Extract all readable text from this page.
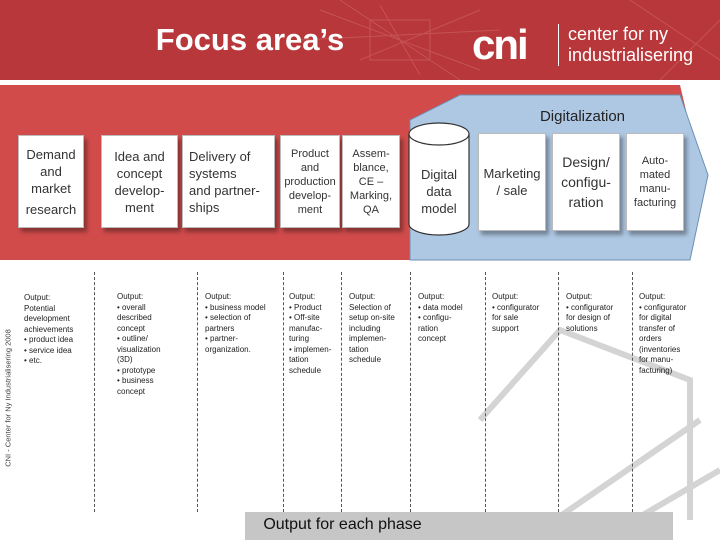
Focus area’s	cni center for ny
industrialisering
Digitalization
Demand
and
market
research
Idea and
concept
develop-
ment
Delivery of
systems
and partner-
ships
Product
and
production
develop-
ment
Assem-
blance,
CE –
Marking,
QA
Digital
data
model
Marketing
/ sale
Design/
configu-
ration
Auto-
mated
manu-
facturing
Output:
Potential
development
achievements
• product idea
• service idea
• etc.
Output:
• overall
described
concept
• outline/
visualization
(3D)
• prototype
• business
concept
Output:
• business model
• selection of
partners
• partner-
organization.
Output:
• Product
• Off-site
manufac-
turing
• implemen-
tation
schedule
Output:
Selection of
setup on-site
including
implemen-
tation
schedule
Output:
• data model
• configu-
ration
concept
Output:
• configurator
for sale
support
Output:
• configurator
for design of
solutions
Output:
• configurator
for digital
transfer of
orders
(inventories
for manu-
facturing)
CNI - Center for Ny Industrialisering 2008
Output for each phase
